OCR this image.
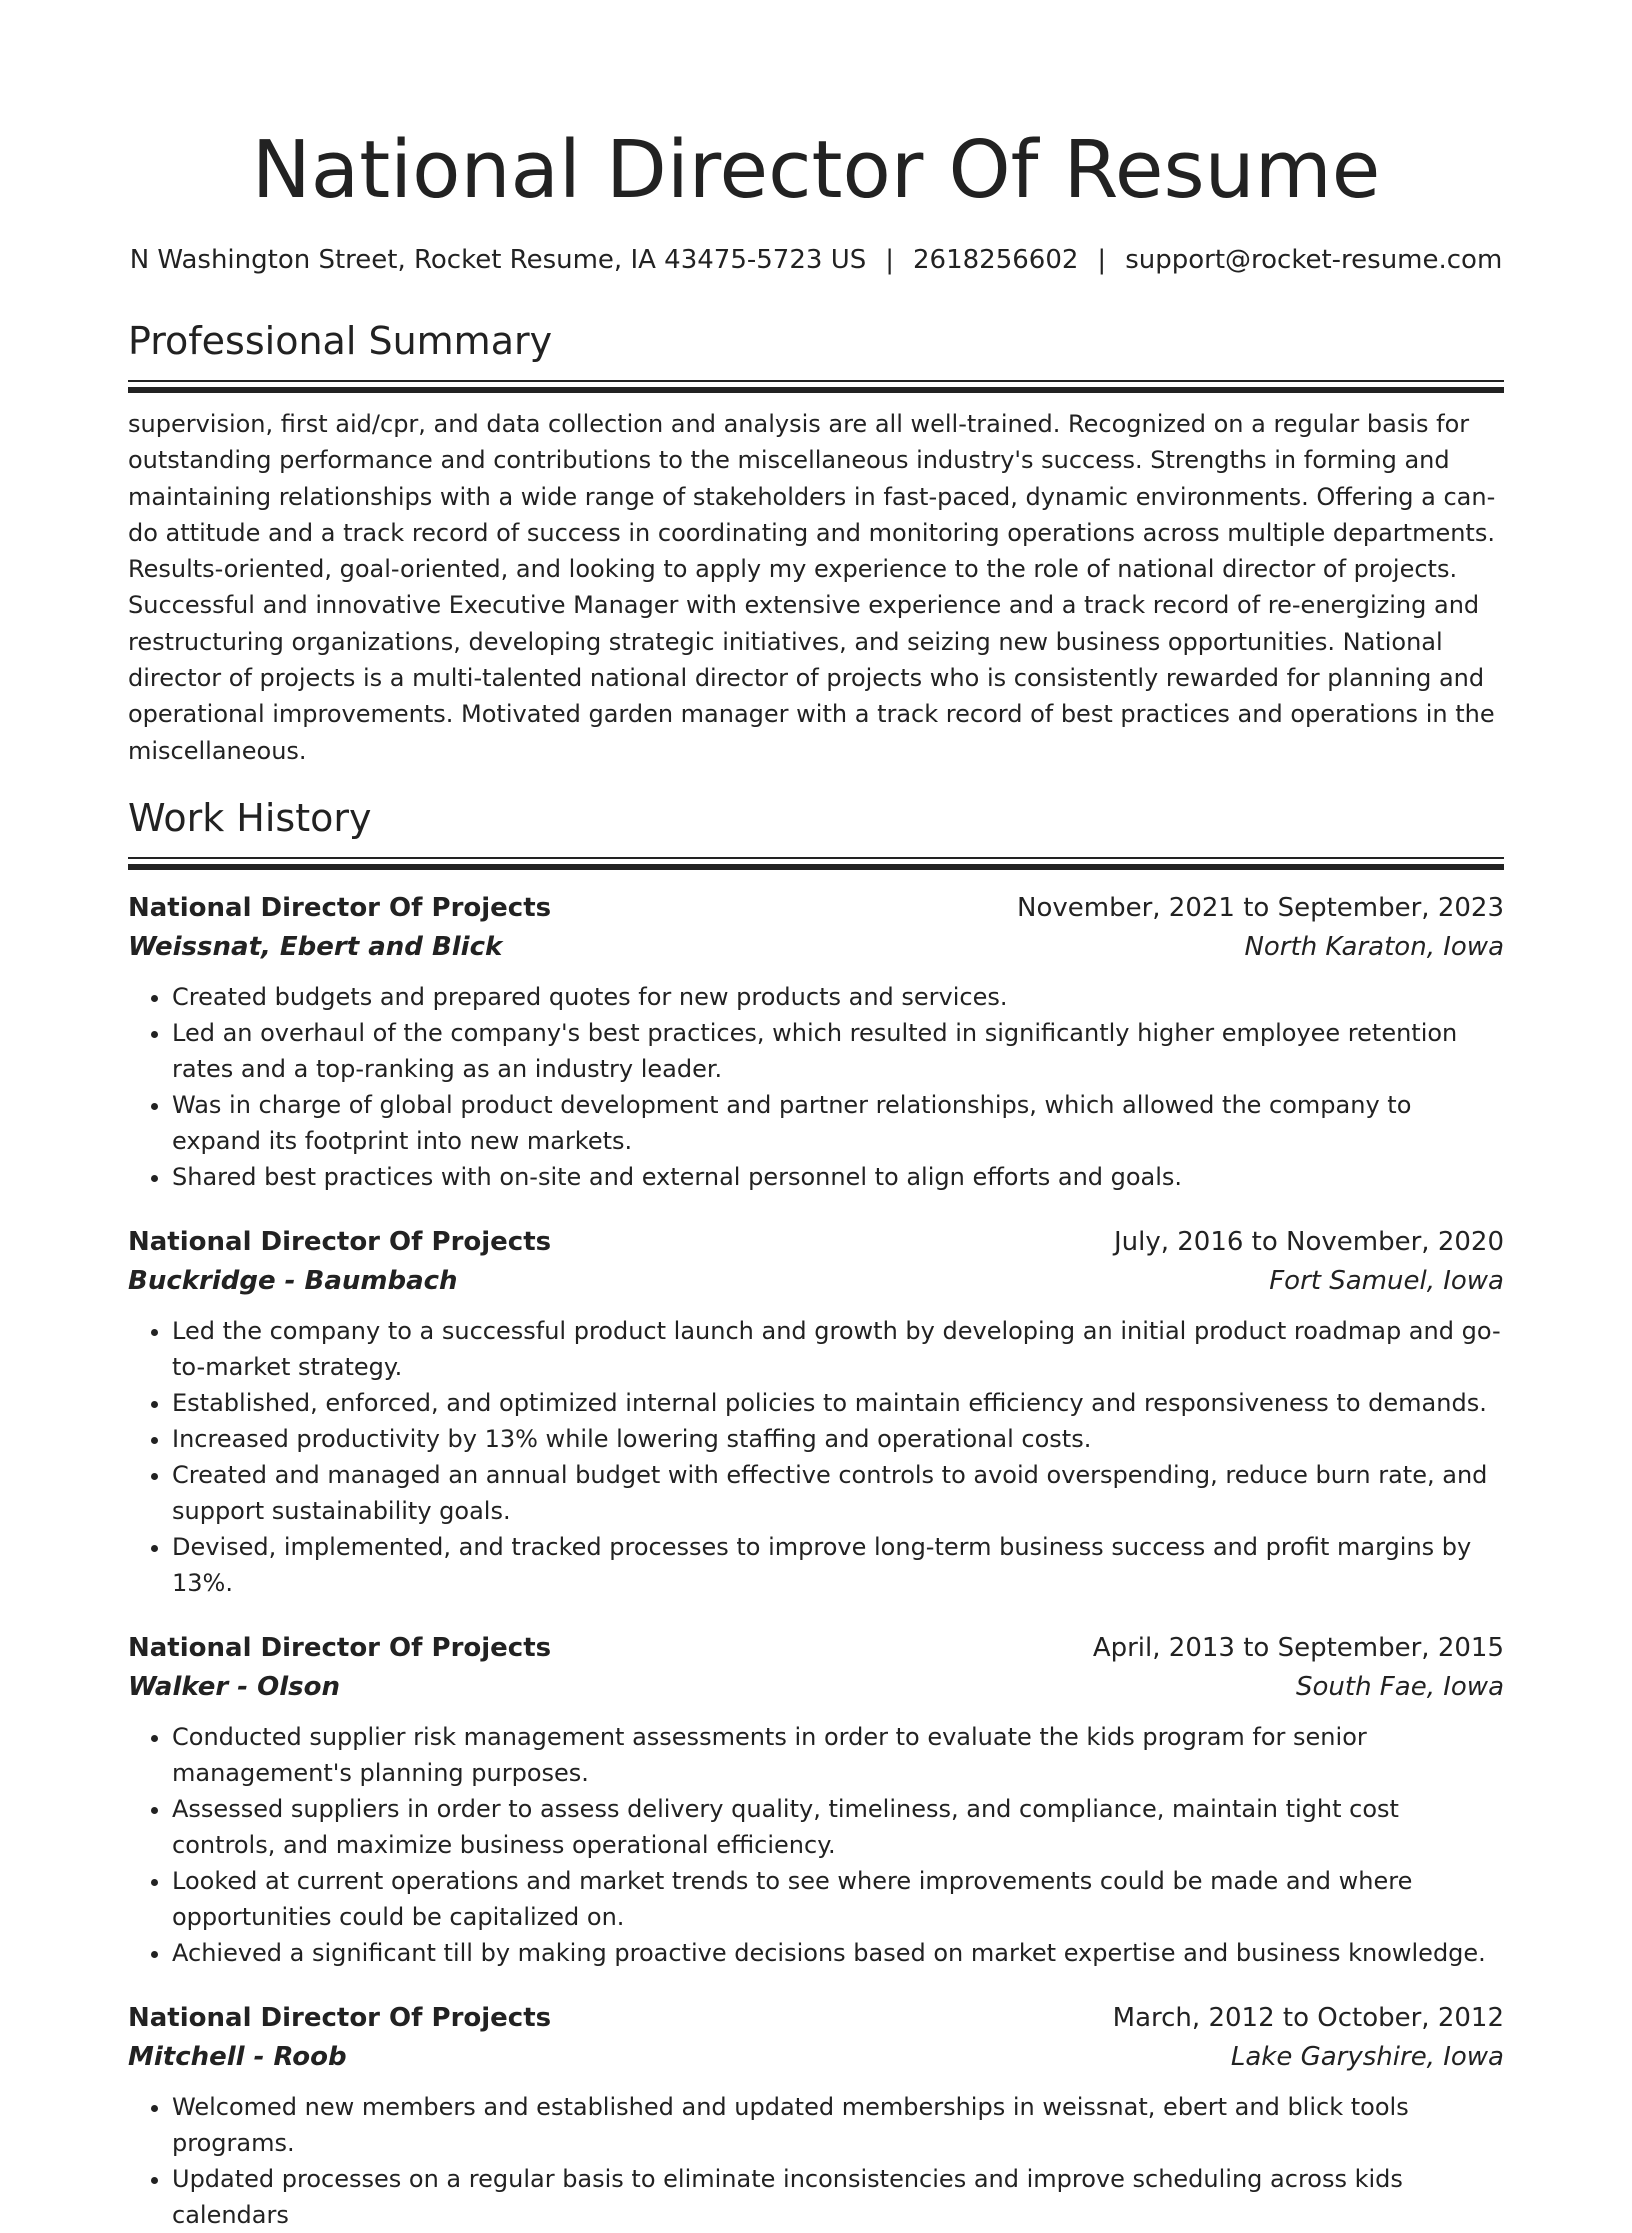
National Director Of Resume
N Washington Street, Rocket Resume, IA 43475-5723 US | 2618256602 | support@rocket-resume.com
Professional Summary

supervision, first aid/cpr, and data collection and analysis are all well-trained. Recognized on a regular basis for outstanding performance and contributions to the miscellaneous industry's success. Strengths in forming and maintaining relationships with a wide range of stakeholders in fast-paced, dynamic environments. Offering a can-do attitude and a track record of success in coordinating and monitoring operations across multiple departments. Results-oriented, goal-oriented, and looking to apply my experience to the role of national director of projects. Successful and innovative Executive Manager with extensive experience and a track record of re-energizing and restructuring organizations, developing strategic initiatives, and seizing new business opportunities. National director of projects is a multi-talented national director of projects who is consistently rewarded for planning and operational improvements. Motivated garden manager with a track record of best practices and operations in the miscellaneous.

Work History
National Director Of Projects	November, 2021 to September, 2023
Weissnat, Ebert and Blick	North Karaton, Iowa
• Created budgets and prepared quotes for new products and services.
• Led an overhaul of the company's best practices, which resulted in significantly higher employee retention rates and a top-ranking as an industry leader.
• Was in charge of global product development and partner relationships, which allowed the company to expand its footprint into new markets.
• Shared best practices with on-site and external personnel to align efforts and goals.
National Director Of Projects	July, 2016 to November, 2020
Buckridge - Baumbach	Fort Samuel, Iowa
• Led the company to a successful product launch and growth by developing an initial product roadmap and go-to-market strategy.
• Established, enforced, and optimized internal policies to maintain efficiency and responsiveness to demands.
• Increased productivity by 13% while lowering staffing and operational costs.
• Created and managed an annual budget with effective controls to avoid overspending, reduce burn rate, and support sustainability goals.
• Devised, implemented, and tracked processes to improve long-term business success and profit margins by 13%.
National Director Of Projects	April, 2013 to September, 2015
Walker - Olson	South Fae, Iowa
• Conducted supplier risk management assessments in order to evaluate the kids program for senior management's planning purposes.
• Assessed suppliers in order to assess delivery quality, timeliness, and compliance, maintain tight cost controls, and maximize business operational efficiency.
• Looked at current operations and market trends to see where improvements could be made and where opportunities could be capitalized on.
• Achieved a significant till by making proactive decisions based on market expertise and business knowledge.
National Director Of Projects	March, 2012 to October, 2012
Mitchell - Roob	Lake Garyshire, Iowa
• Welcomed new members and established and updated memberships in weissnat, ebert and blick tools programs.
• Updated processes on a regular basis to eliminate inconsistencies and improve scheduling across kids calendars
